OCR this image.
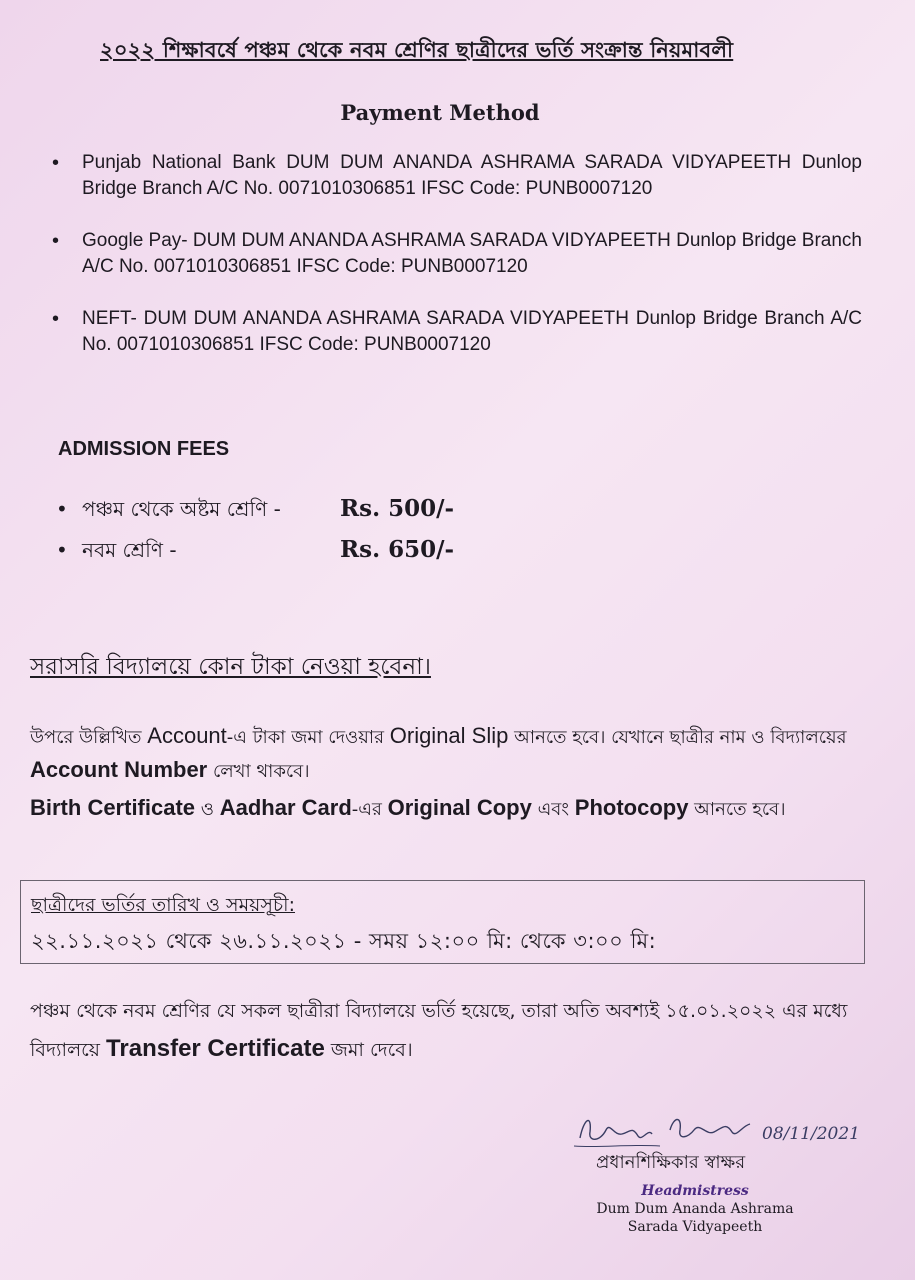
২০২২ শিক্ষাবর্ষে পঞ্চম থেকে নবম শ্রেণির ছাত্রীদের ভর্তি সংক্রান্ত নিয়মাবলী
Payment Method
• Punjab National Bank DUM DUM ANANDA ASHRAMA SARADA VIDYAPEETH Dunlop Bridge Branch A/C No. 0071010306851 IFSC Code: PUNB0007120
• Google Pay- DUM DUM ANANDA ASHRAMA SARADA VIDYAPEETH Dunlop Bridge Branch A/C No. 0071010306851 IFSC Code: PUNB0007120
• NEFT- DUM DUM ANANDA ASHRAMA SARADA VIDYAPEETH Dunlop Bridge Branch A/C No. 0071010306851 IFSC Code: PUNB0007120
ADMISSION FEES
• পঞ্চম থেকে অষ্টম শ্রেণি -	Rs. 500/-
• নবম শ্রেণি -	Rs. 650/-
সরাসরি বিদ্যালয়ে কোন টাকা নেওয়া হবেনা।
উপরে উল্লিখিত Account-এ টাকা জমা দেওয়ার Original Slip আনতে হবে। যেখানে ছাত্রীর নাম ও বিদ্যালয়ের Account Number লেখা থাকবে।
Birth Certificate ও Aadhar Card-এর Original Copy এবং Photocopy আনতে হবে।
ছাত্রীদের ভর্তির তারিখ ও সময়সূচী:
২২.১১.২০২১ থেকে ২৬.১১.২০২১ - সময় ১২:০০ মি: থেকে ৩:০০ মি:
পঞ্চম থেকে নবম শ্রেণির যে সকল ছাত্রীরা বিদ্যালয়ে ভর্তি হয়েছে, তারা অতি অবশ্যই ১৫.০১.২০২২ এর মধ্যে বিদ্যালয়ে Transfer Certificate জমা দেবে।
08/11/2021
প্রধানশিক্ষিকার স্বাক্ষর
Headmistress
Dum Dum Ananda Ashrama
Sarada Vidyapeeth
